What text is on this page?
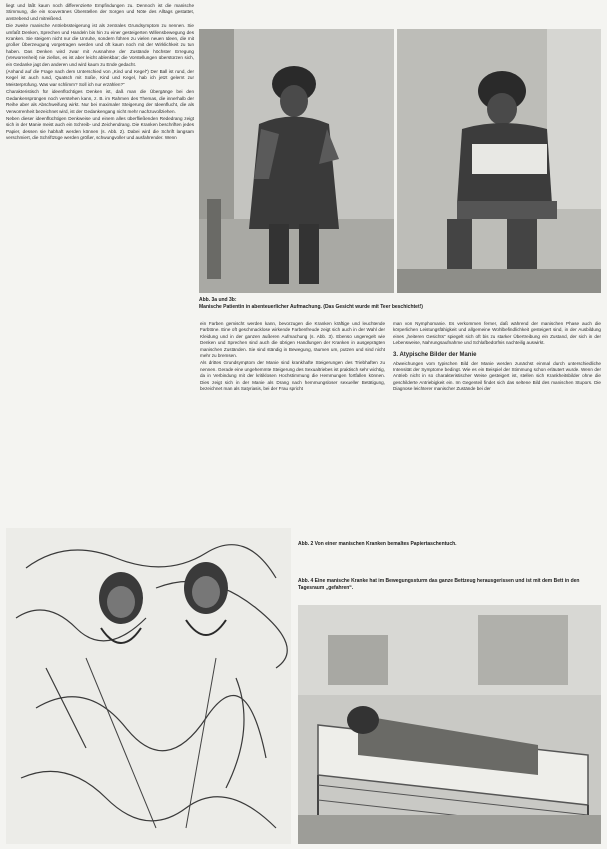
liegt und läßt kaum noch differenzierte Empfindungen zu. Dennoch ist die manische Stimmung, die ein souveränes Überstellen der Sorgen und Nöte des Alltags gestattet, anstrebend und mitreißend.

Die zweite manische Antriebssteigerung ist als zentrales Grundsymptom zu nennen. Sie umfaßt Denken, Sprechen und Handeln bis hin zu einer gesteigerten Willensbewegung des Kranken. Sie steigern nicht nur die Unruhe, sondern führen zu vielen neuen Ideen, die mit großer Überzeugung vorgetragen werden und oft kaum noch mit der Wirklichkeit zu tun haben. Das Denken wird zwar mit Ausnahme der Zustände höchster Erregung (Verworrenheit) nie ziellos, es ist aber leicht ablenkbar; die Vorstellungen überstürzen sich, ein Gedanke jagt den anderen und wird kaum zu Ende gedacht.

(Anhand auf die Frage nach dem Unterschied von „Kind und Kegel“) Der Ball ist rund, der Kegel ist auch rund, Quatsch mit Soße, Kind und Kegel, hab ich jetzt gelernt zur Meisterprüfung. Was war schlimm? Soll ich nur erzählen?“

Charakteristisch für ideenflüchtiges Denken ist, daß man die Übergänge bei den Gedankensprüngen noch verstehen kann, z. B. im Rahmen des Themas, die innerhalb der Reihe aber als Abschweifung wirkt. Nur bei maximaler Steigerung der Ideenflucht, die als Verworrenheit bezeichnet wird, ist der Gedankengang nicht mehr nachzuvollziehen.

Neben dieser ideenflüchtigen Denkweise und einem alles überfließenden Rededrang zeigt sich in der Manie meist auch ein Schreib- und Zeichendrang. Die Kranken beschriften jedes Papier, dessen sie habhaft werden können (s. Abb. 2). Dabei wird die Schrift langsam verschmiert, die Schriftzüge werden größer, schwungvoller und ausfahrender. Wenn

Abb. 3a und 3b:
Manische Patientin in abenteuerlicher Aufmachung. (Das Gesicht wurde mit Teer beschichtet!)

ein Farben gemischt werden kann, bevorzugen die Kranken kräftige und leuchtende Farbtöne. Eine oft geschmacklose wirkende Farbenfreude zeigt sich auch in der Wahl der Kleidung und in der ganzen äußeren Aufmachung (s. Abb. 3). Ebenso ungeregelt wie Denken und Sprechen sind auch die übrigen Handlungen der Kranken in ausgeprägten manischen Zuständen. Sie sind ständig in Bewegung, räumen um, putzen und sind nicht mehr zu bremsen.

Als drittes Grundsymptom der Manie sind krankhafte Steigerungen des Triebhaften zu nennen. Gerade eine ungehemmte Steigerung des Sexualtriebes ist praktisch sehr wichtig, da in Verbindung mit der kritiklosen Hochstimmung die Hemmungen fortfallen können. Dies zeigt sich in der Manie als Drang nach hemmungsloser sexueller Betätigung, bezeichnet man als Satyriasis, bei der Frau spricht

man von Nymphomanie. Es verkommen ferner, daß während der manischen Phase auch die körperlichen Leistungsfähigkeit und allgemeine Wohlbefindlichkeit gesteigert sind, in der Ausbildung eines „heiteren Gesichts“ spiegelt sich oft bis zu starker Übertreibung ein Zustand, der sich in der Lebensweise, Nahrungsaufnahme und Schlafbedürfnis nachteilig auswirkt.

3. Atypische Bilder der Manie

Abweichungen vom typischen Bild der Manie werden zunächst einmal durch unterschiedliche Intensität der Symptome bedingt. Wie es ein Beispiel der Stimmung schon erläutert wurde. Wenn der Antrieb nicht in so charakteristischer Weise gesteigert ist, stellen sich Krankheitsbilder ohne die geschilderte Antriebigkeit ein. Im Gegenteil findet sich das seltene Bild des manischen Stupors. Die Diagnose leichterer manischer Zustände bei der

Abb. 2 Von einer manischen Kranken bemaltes Papiertaschentuch.
Abb. 4 Eine manische Kranke hat im Bewegungssturm das ganze Bettzeug herausgerissen und ist mit dem Bett in den Tagesraum „gefahren“.
